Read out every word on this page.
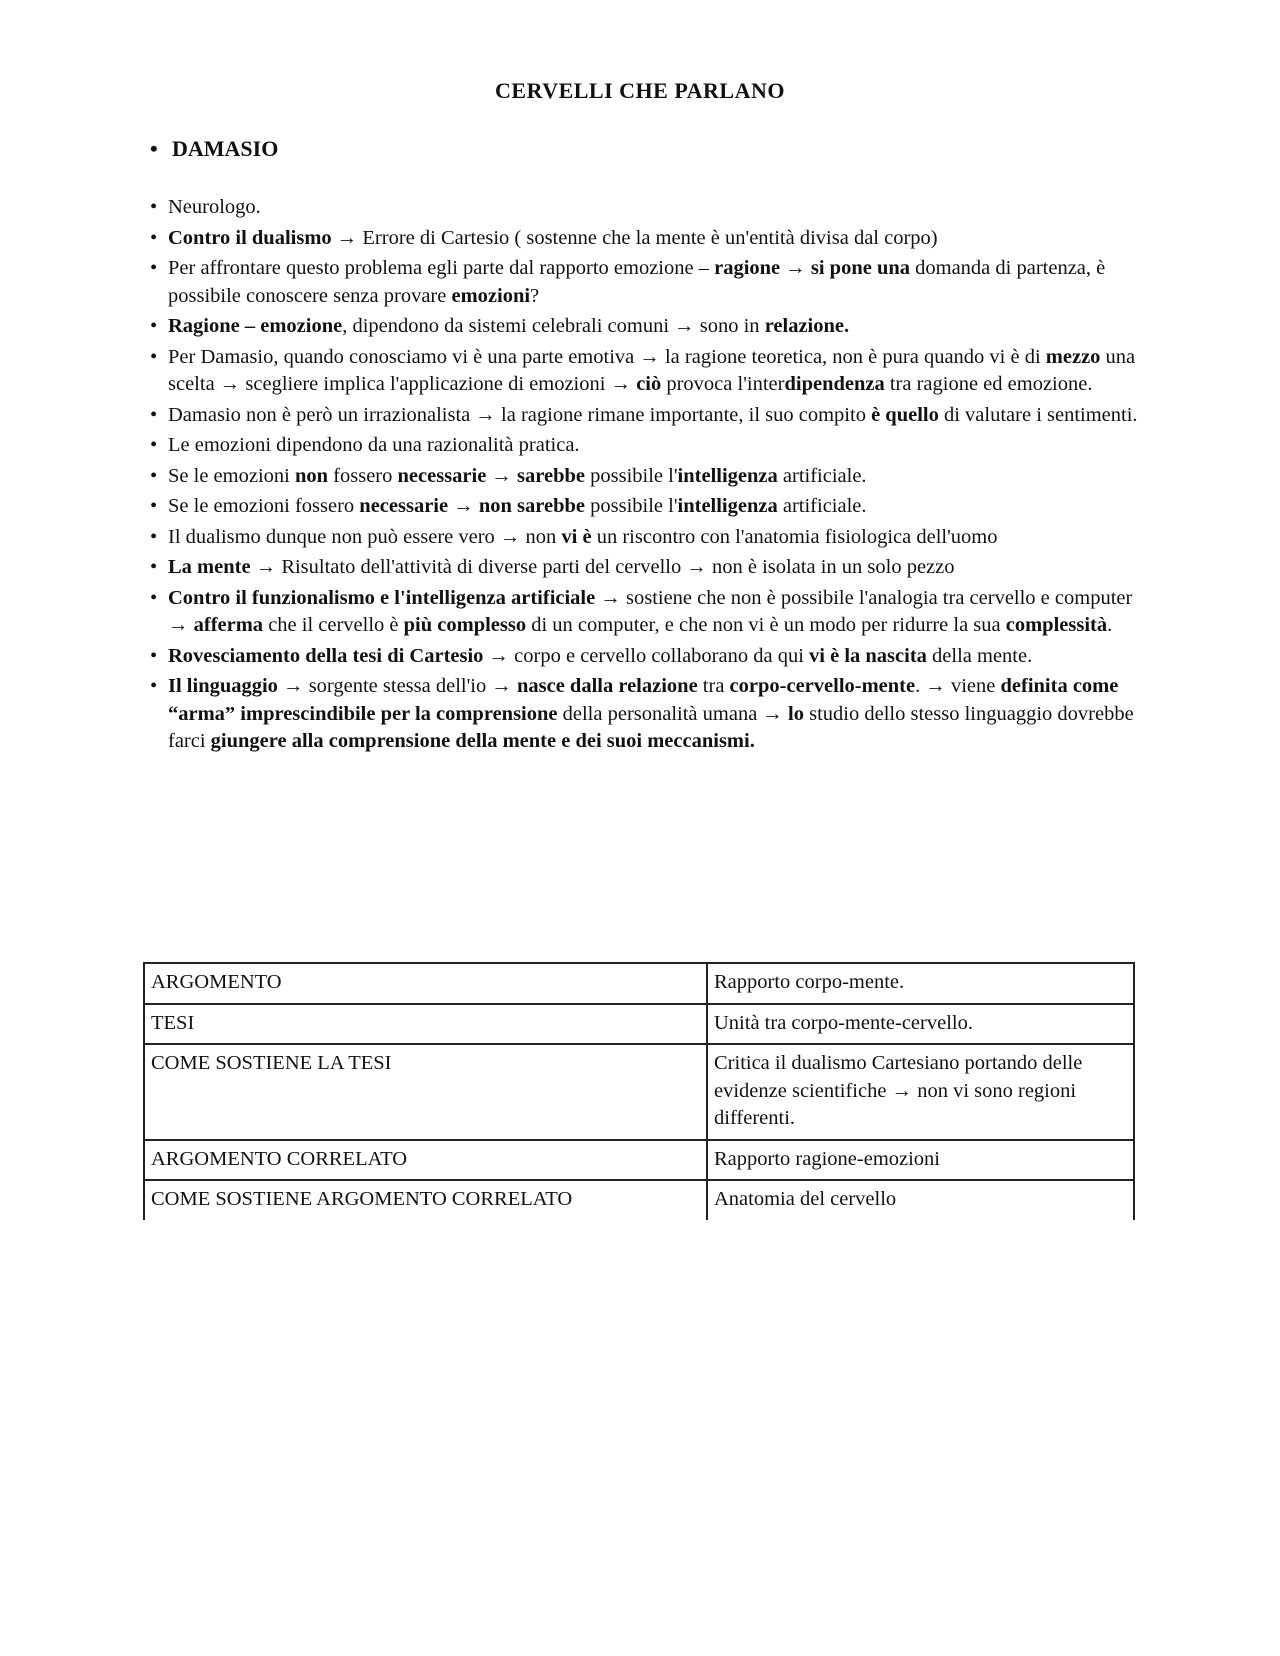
CERVELLI CHE PARLANO
• DAMASIO
• Neurologo.
• Contro il dualismo → Errore di Cartesio ( sostenne che la mente è un'entità divisa dal corpo)
• Per affrontare questo problema egli parte dal rapporto emozione – ragione → si pone una domanda di partenza, è possibile conoscere senza provare emozioni?
• Ragione – emozione, dipendono da sistemi celebrali comuni → sono in relazione.
• Per Damasio, quando conosciamo vi è una parte emotiva → la ragione teoretica, non è pura quando vi è di mezzo una scelta → scegliere implica l'applicazione di emozioni → ciò provoca l'interdipendenza tra ragione ed emozione.
• Damasio non è però un irrazionalista → la ragione rimane importante, il suo compito è quello di valutare i sentimenti.
• Le emozioni dipendono da una razionalità pratica.
• Se le emozioni non fossero necessarie → sarebbe possibile l'intelligenza artificiale.
• Se le emozioni fossero necessarie → non sarebbe possibile l'intelligenza artificiale.
• Il dualismo dunque non può essere vero → non vi è un riscontro con l'anatomia fisiologica dell'uomo
• La mente → Risultato dell'attività di diverse parti del cervello → non è isolata in un solo pezzo
• Contro il funzionalismo e l'intelligenza artificiale → sostiene che non è possibile l'analogia tra cervello e computer → afferma che il cervello è più complesso di un computer, e che non vi è un modo per ridurre la sua complessità.
• Rovesciamento della tesi di Cartesio → corpo e cervello collaborano da qui vi è la nascita della mente.
• Il linguaggio → sorgente stessa dell'io → nasce dalla relazione tra corpo-cervello-mente. → viene definita come “arma” imprescindibile per la comprensione della personalità umana → lo studio dello stesso linguaggio dovrebbe farci giungere alla comprensione della mente e dei suoi meccanismi.
ARGOMENTO	Rapporto corpo-mente.
TESI	Unità tra corpo-mente-cervello.
COME SOSTIENE LA TESI	Critica il dualismo Cartesiano portando delle evidenze scientifiche → non vi sono regioni differenti.
ARGOMENTO CORRELATO	Rapporto ragione-emozioni
COME SOSTIENE ARGOMENTO CORRELATO	Anatomia del cervello
